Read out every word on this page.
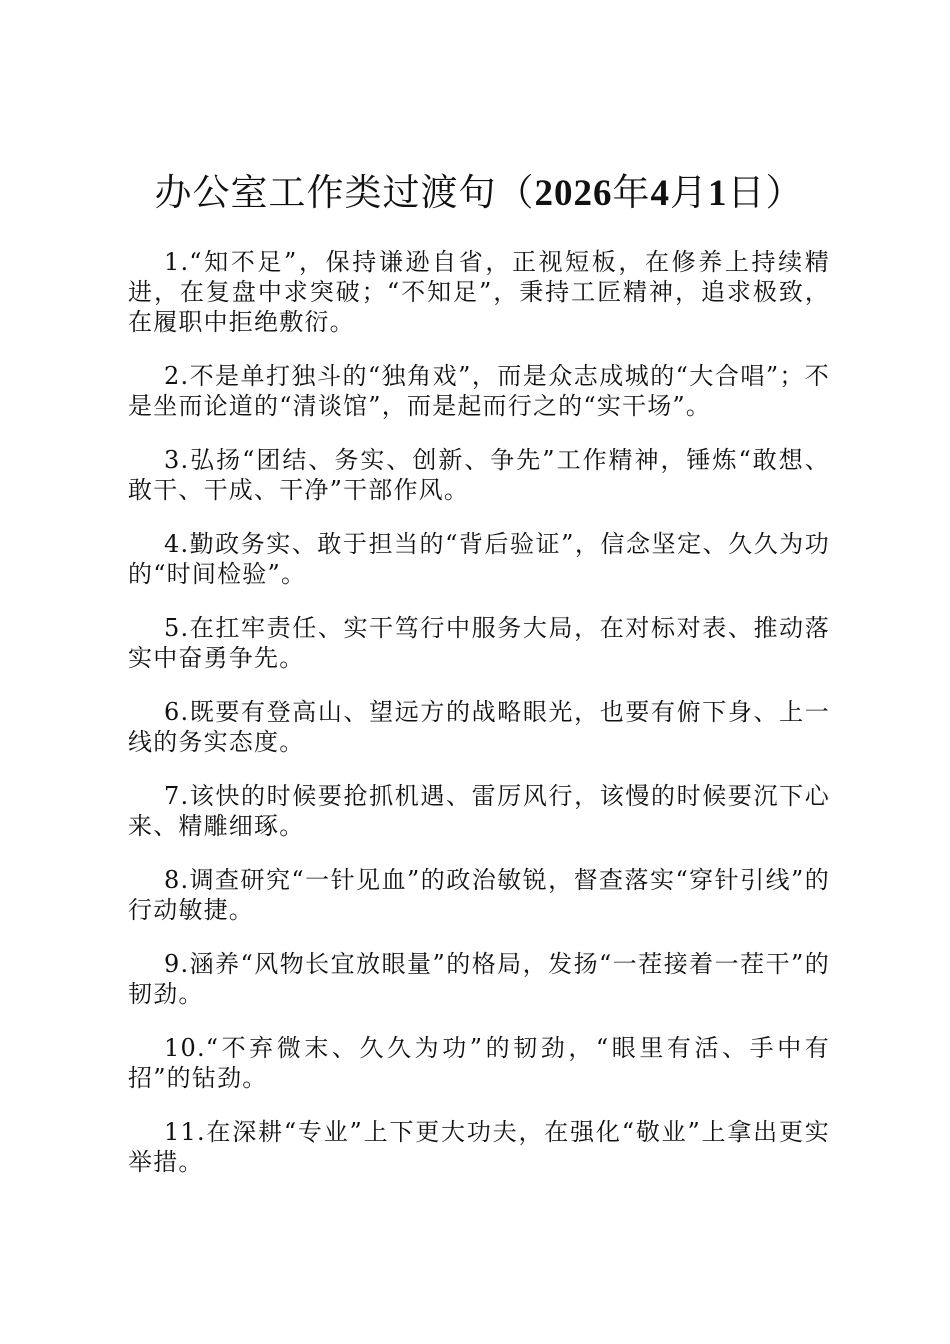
办公室工作类过渡句（2026年4月1日）

1.“知不足”，保持谦逊自省，正视短板，在修养上持续精进，在复盘中求突破；“不知足”，秉持工匠精神，追求极致，在履职中拒绝敷衍。

2.不是单打独斗的“独角戏”，而是众志成城的“大合唱”；不是坐而论道的“清谈馆”，而是起而行之的“实干场”。

3.弘扬“团结、务实、创新、争先”工作精神，锤炼“敢想、敢干、干成、干净”干部作风。

4.勤政务实、敢于担当的“背后验证”，信念坚定、久久为功的“时间检验”。

5.在扛牢责任、实干笃行中服务大局，在对标对表、推动落实中奋勇争先。

6.既要有登高山、望远方的战略眼光，也要有俯下身、上一线的务实态度。

7.该快的时候要抢抓机遇、雷厉风行，该慢的时候要沉下心来、精雕细琢。

8.调查研究“一针见血”的政治敏锐，督查落实“穿针引线”的行动敏捷。

9.涵养“风物长宜放眼量”的格局，发扬“一茬接着一茬干”的韧劲。

10.“不弃微末、久久为功”的韧劲，“眼里有活、手中有招”的钻劲。

11.在深耕“专业”上下更大功夫，在强化“敬业”上拿出更实举措。
